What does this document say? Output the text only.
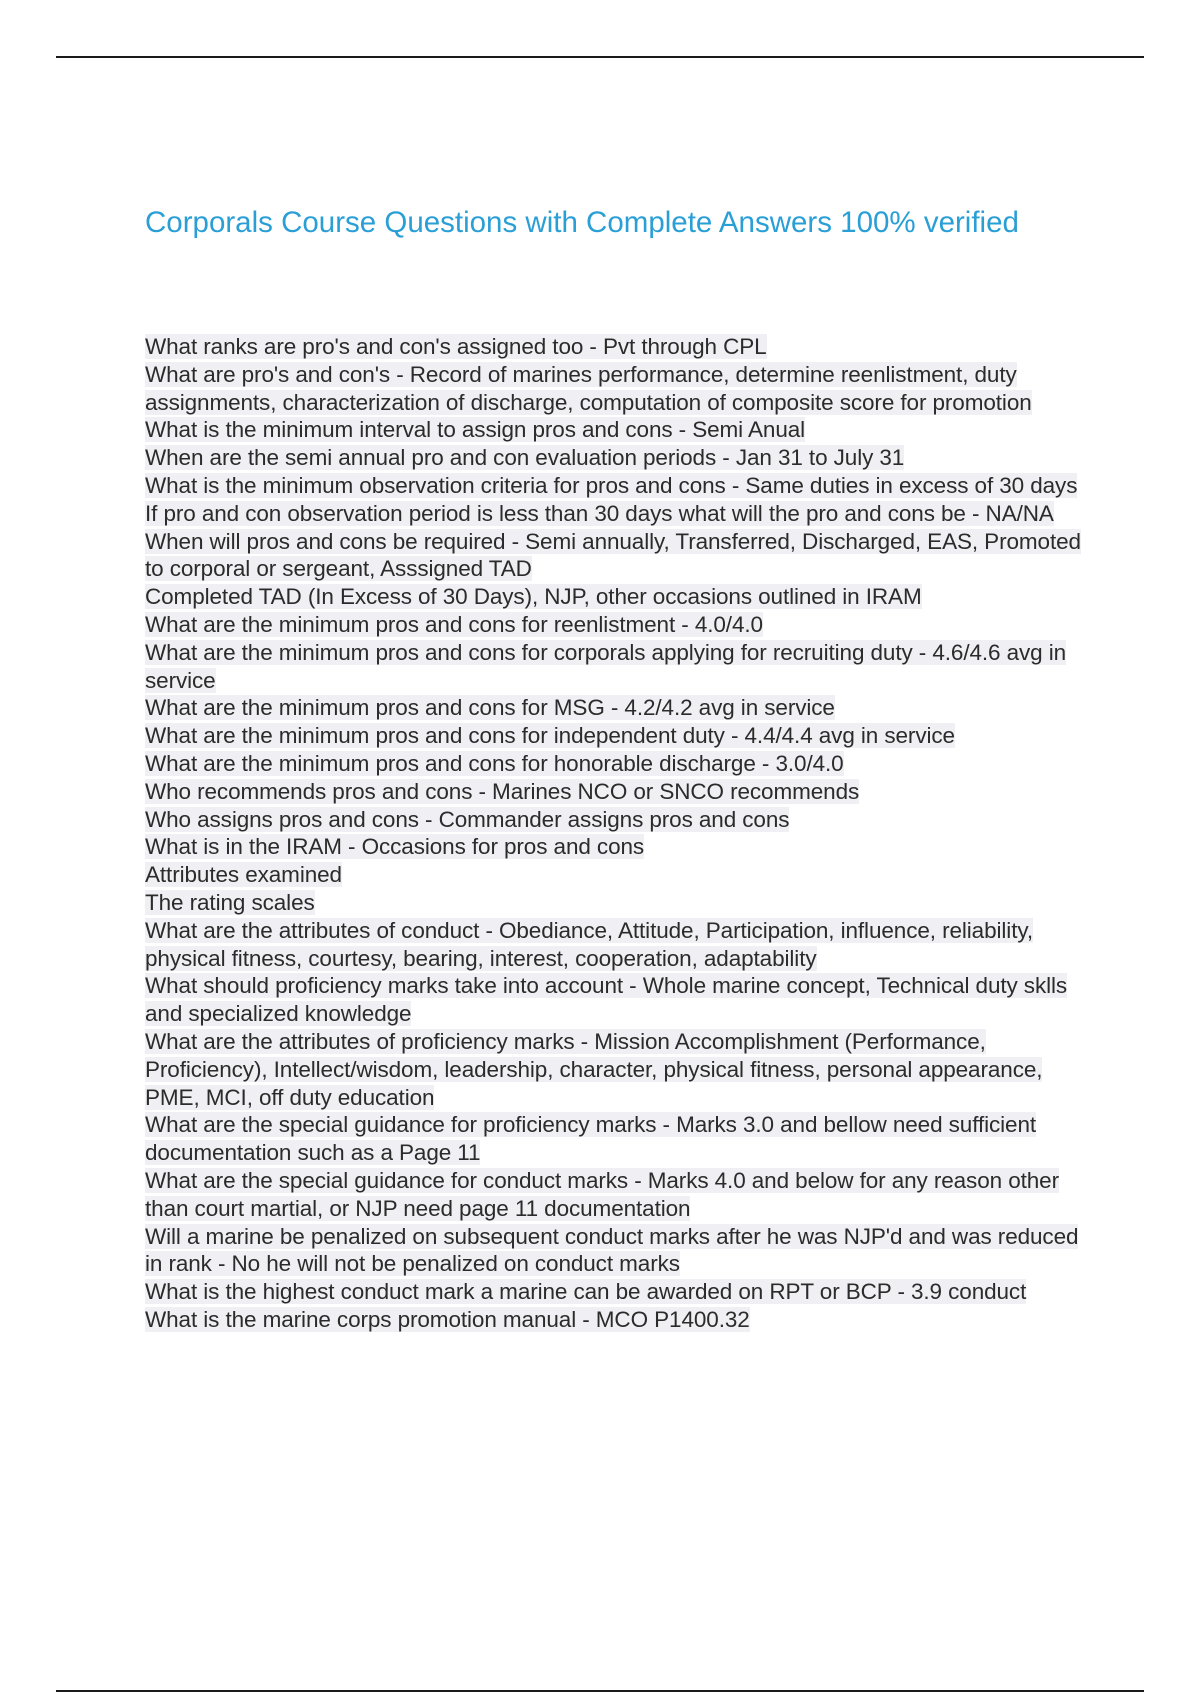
Corporals Course Questions with Complete Answers 100% verified
What ranks are pro's and con's assigned too - Pvt through CPL
What are pro's and con's - Record of marines performance, determine reenlistment, duty assignments, characterization of discharge, computation of composite score for promotion
What is the minimum interval to assign pros and cons - Semi Anual
When are the semi annual pro and con evaluation periods - Jan 31 to July 31
What is the minimum observation criteria for pros and cons - Same duties in excess of 30 days
If pro and con observation period is less than 30 days what will the pro and cons be - NA/NA
When will pros and cons be required - Semi annually, Transferred, Discharged, EAS, Promoted to corporal or sergeant, Asssigned TAD
Completed TAD (In Excess of 30 Days), NJP, other occasions outlined in IRAM
What are the minimum pros and cons for reenlistment - 4.0/4.0
What are the minimum pros and cons for corporals applying for recruiting duty - 4.6/4.6 avg in service
What are the minimum pros and cons for MSG - 4.2/4.2 avg in service
What are the minimum pros and cons for independent duty - 4.4/4.4 avg in service
What are the minimum pros and cons for honorable discharge - 3.0/4.0
Who recommends pros and cons - Marines NCO or SNCO recommends
Who assigns pros and cons - Commander assigns pros and cons
What is in the IRAM - Occasions for pros and cons
Attributes examined
The rating scales
What are the attributes of conduct - Obediance, Attitude, Participation, influence, reliability, physical fitness, courtesy, bearing, interest, cooperation, adaptability
What should proficiency marks take into account - Whole marine concept, Technical duty sklls and specialized knowledge
What are the attributes of proficiency marks - Mission Accomplishment (Performance, Proficiency), Intellect/wisdom, leadership, character, physical fitness, personal appearance, PME, MCI, off duty education
What are the special guidance for proficiency marks - Marks 3.0 and bellow need sufficient documentation such as a Page 11
What are the special guidance for conduct marks - Marks 4.0 and below for any reason other than court martial, or NJP need page 11 documentation
Will a marine be penalized on subsequent conduct marks after he was NJP'd and was reduced in rank - No he will not be penalized on conduct marks
What is the highest conduct mark a marine can be awarded on RPT or BCP - 3.9 conduct
What is the marine corps promotion manual - MCO P1400.32
